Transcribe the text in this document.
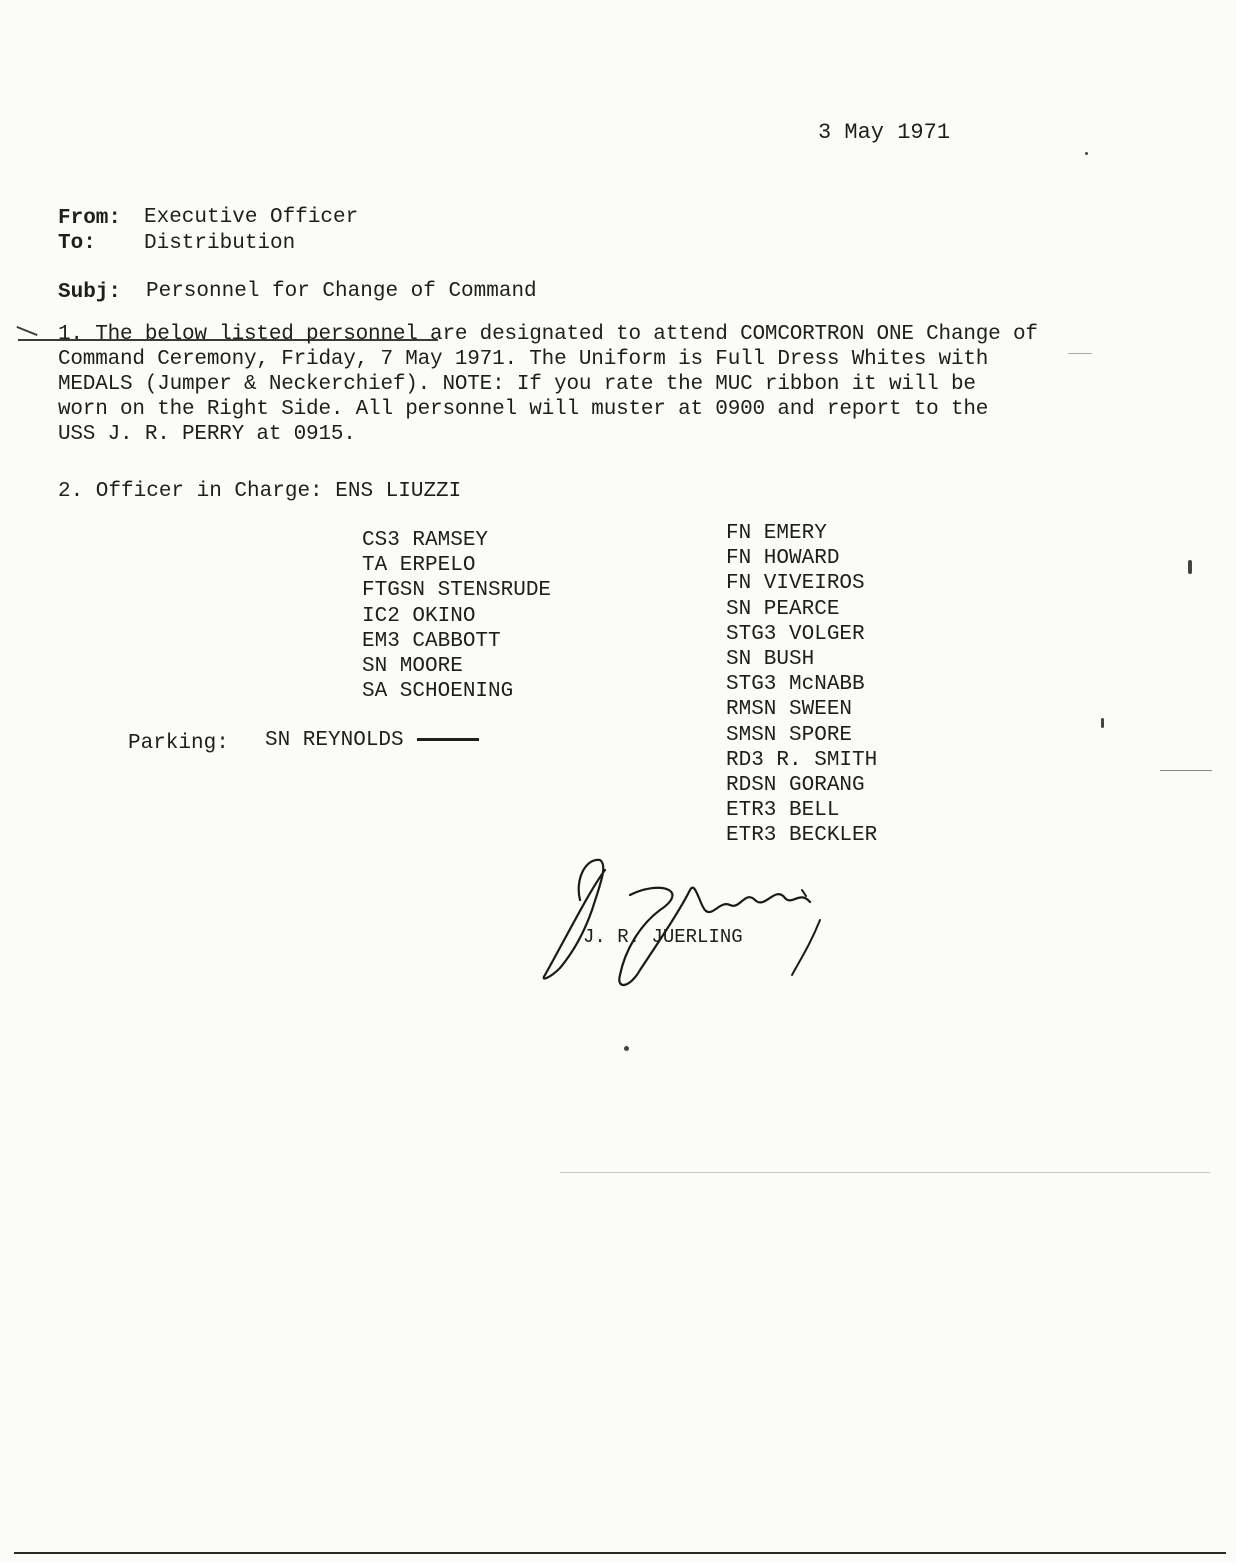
3 May 1971
From: Executive Officer
To: Distribution
Subj: Personnel for Change of Command
1. The below listed personnel are designated to attend COMCORTRON ONE Change of
Command Ceremony, Friday, 7 May 1971. The Uniform is Full Dress Whites with
MEDALS (Jumper & Neckerchief). NOTE: If you rate the MUC ribbon it will be
worn on the Right Side. All personnel will muster at 0900 and report to the
USS J. R. PERRY at 0915.
2. Officer in Charge: ENS LIUZZI
CS3 RAMSEY
TA ERPELO
FTGSN STENSRUDE
IC2 OKINO
EM3 CABBOTT
SN MOORE
SA SCHOENING
FN EMERY
FN HOWARD
FN VIVEIROS
SN PEARCE
STG3 VOLGER
SN BUSH
STG3 McNABB
RMSN SWEEN
SMSN SPORE
RD3 R. SMITH
RDSN GORANG
ETR3 BELL
ETR3 BECKLER
Parking: SN REYNOLDS
J. R. JUERLING
